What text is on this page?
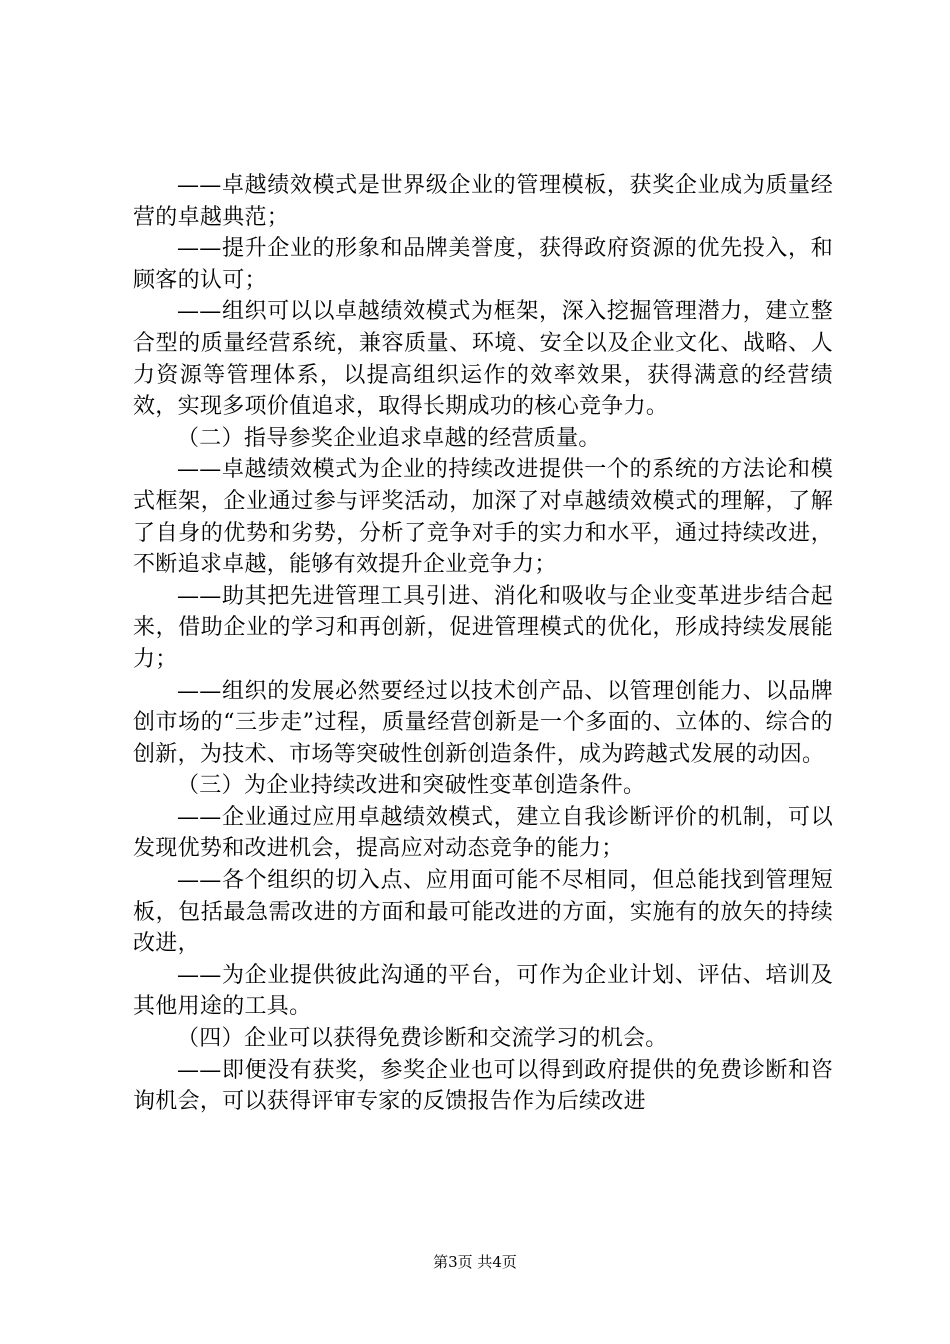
——卓越绩效模式是世界级企业的管理模板，获奖企业成为质量经营的卓越典范；

——提升企业的形象和品牌美誉度，获得政府资源的优先投入，和顾客的认可；

——组织可以以卓越绩效模式为框架，深入挖掘管理潜力，建立整合型的质量经营系统，兼容质量、环境、安全以及企业文化、战略、人力资源等管理体系，以提高组织运作的效率效果，获得满意的经营绩效，实现多项价值追求，取得长期成功的核心竞争力。

（二）指导参奖企业追求卓越的经营质量。

——卓越绩效模式为企业的持续改进提供一个的系统的方法论和模式框架，企业通过参与评奖活动，加深了对卓越绩效模式的理解，了解了自身的优势和劣势，分析了竞争对手的实力和水平，通过持续改进，不断追求卓越，能够有效提升企业竞争力；

——助其把先进管理工具引进、消化和吸收与企业变革进步结合起来，借助企业的学习和再创新，促进管理模式的优化，形成持续发展能力；

——组织的发展必然要经过以技术创产品、以管理创能力、以品牌创市场的“三步走”过程，质量经营创新是一个多面的、立体的、综合的创新，为技术、市场等突破性创新创造条件，成为跨越式发展的动因。

（三）为企业持续改进和突破性变革创造条件。

——企业通过应用卓越绩效模式，建立自我诊断评价的机制，可以发现优势和改进机会，提高应对动态竞争的能力；

——各个组织的切入点、应用面可能不尽相同，但总能找到管理短板，包括最急需改进的方面和最可能改进的方面，实施有的放矢的持续改进，

——为企业提供彼此沟通的平台，可作为企业计划、评估、培训及其他用途的工具。

（四）企业可以获得免费诊断和交流学习的机会。

——即便没有获奖，参奖企业也可以得到政府提供的免费诊断和咨询机会，可以获得评审专家的反馈报告作为后续改进

第3页 共4页
